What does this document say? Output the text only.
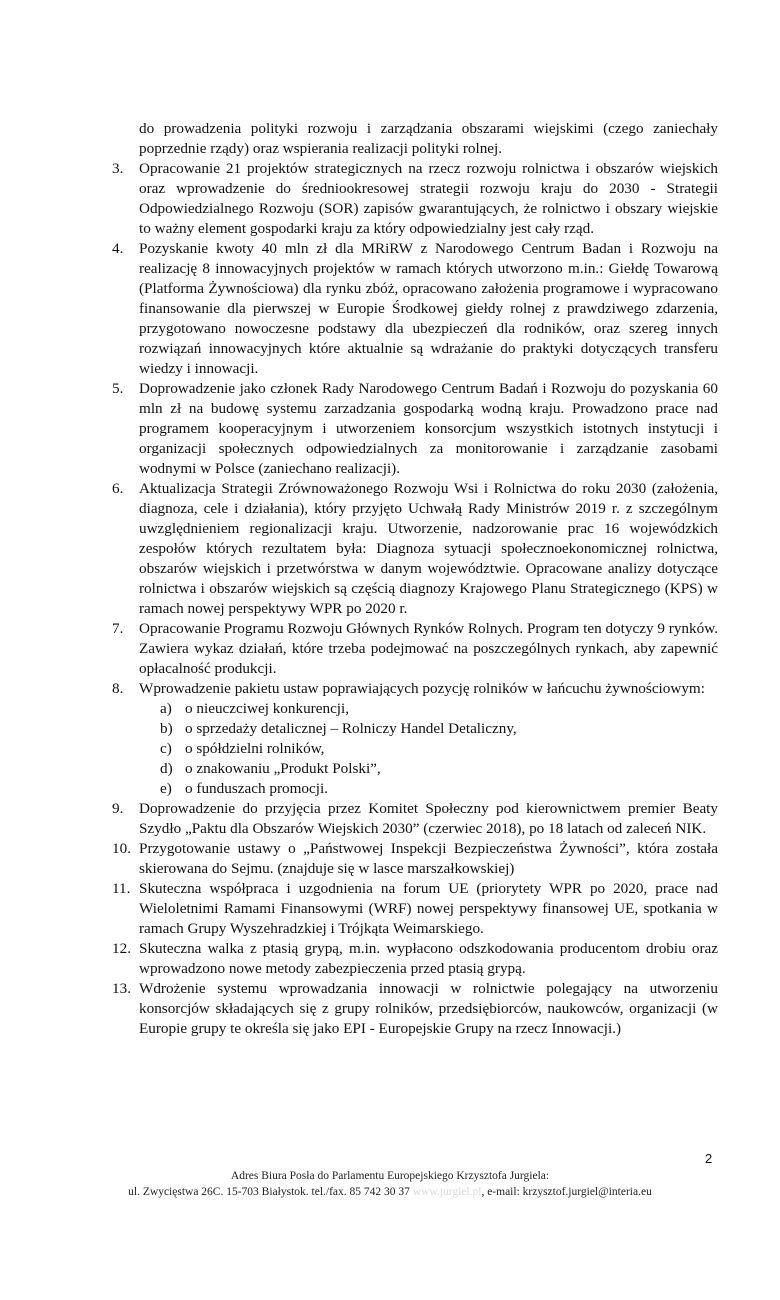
do prowadzenia polityki rozwoju i zarządzania obszarami wiejskimi (czego zaniechały poprzednie rządy) oraz wspierania realizacji polityki rolnej.
3.	Opracowanie 21 projektów strategicznych na rzecz rozwoju rolnictwa i obszarów wiejskich oraz wprowadzenie do średniookresowej strategii rozwoju kraju do 2030 - Strategii Odpowiedzialnego Rozwoju (SOR) zapisów gwarantujących, że rolnictwo i obszary wiejskie to ważny element gospodarki kraju za który odpowiedzialny jest cały rząd.
4.	Pozyskanie kwoty 40 mln zł dla MRiRW z Narodowego Centrum Badan i Rozwoju na realizację 8 innowacyjnych projektów w ramach których utworzono m.in.: Giełdę Towarową (Platforma Żywnościowa) dla rynku zbóż, opracowano założenia programowe i wypracowano finansowanie dla pierwszej w Europie Środkowej giełdy rolnej z prawdziwego zdarzenia, przygotowano nowoczesne podstawy dla ubezpieczeń dla rodników, oraz szereg innych rozwiązań innowacyjnych które aktualnie są wdrażanie do praktyki dotyczących transferu wiedzy i innowacji.
5.	Doprowadzenie jako członek Rady Narodowego Centrum Badań i Rozwoju do pozyskania 60 mln zł na budowę systemu zarzadzania gospodarką wodną kraju. Prowadzono prace nad programem kooperacyjnym i utworzeniem konsorcjum wszystkich istotnych instytucji i organizacji społecznych odpowiedzialnych za monitorowanie i zarządzanie zasobami wodnymi w Polsce (zaniechano realizacji).
6.	Aktualizacja Strategii Zrównoważonego Rozwoju Wsi i Rolnictwa do roku 2030 (założenia, diagnoza, cele i działania), który przyjęto Uchwałą Rady Ministrów 2019 r. z szczególnym uwzględnieniem regionalizacji kraju. Utworzenie, nadzorowanie prac 16 wojewódzkich zespołów których rezultatem była: Diagnoza sytuacji społecznoekonomicznej rolnictwa, obszarów wiejskich i przetwórstwa w danym województwie. Opracowane analizy dotyczące rolnictwa i obszarów wiejskich są częścią diagnozy Krajowego Planu Strategicznego (KPS) w ramach nowej perspektywy WPR po 2020 r.
7.	Opracowanie Programu Rozwoju Głównych Rynków Rolnych. Program ten dotyczy 9 rynków. Zawiera wykaz działań, które trzeba podejmować na poszczególnych rynkach, aby zapewnić opłacalność produkcji.
8.	Wprowadzenie pakietu ustaw poprawiających pozycję rolników w łańcuchu żywnościowym:
a) o nieuczciwej konkurencji,
b) o sprzedaży detalicznej – Rolniczy Handel Detaliczny,
c) o spółdzielni rolników,
d) o znakowaniu „Produkt Polski”,
e) o funduszach promocji.
9.	Doprowadzenie do przyjęcia przez Komitet Społeczny pod kierownictwem premier Beaty Szydło „Paktu dla Obszarów Wiejskich 2030” (czerwiec 2018), po 18 latach od zaleceń NIK.
10. Przygotowanie ustawy o „Państwowej Inspekcji Bezpieczeństwa Żywności”, która została skierowana do Sejmu. (znajduje się w lasce marszałkowskiej)
11. Skuteczna współpraca i uzgodnienia na forum UE (priorytety WPR po 2020, prace nad Wieloletnimi Ramami Finansowymi (WRF) nowej perspektywy finansowej UE, spotkania w ramach Grupy Wyszehradzkiej i Trójkąta Weimarskiego.
12. Skuteczna walka z ptasią grypą, m.in. wypłacono odszkodowania producentom drobiu oraz wprowadzono nowe metody zabezpieczenia przed ptasią grypą.
13. Wdrożenie systemu wprowadzania innowacji w rolnictwie polegający na utworzeniu konsorcjów składających się z grupy rolników, przedsiębiorców, naukowców, organizacji (w Europie grupy te określa się jako EPI - Europejskie Grupy na rzecz Innowacji.)
2
Adres Biura Posła do Parlamentu Europejskiego Krzysztofa Jurgiela:
ul. Zwycięstwa 26C. 15-703 Białystok. tel./fax. 85 742 30 37 www.jurgiel.pl, e-mail: krzysztof.jurgiel@interia.eu
